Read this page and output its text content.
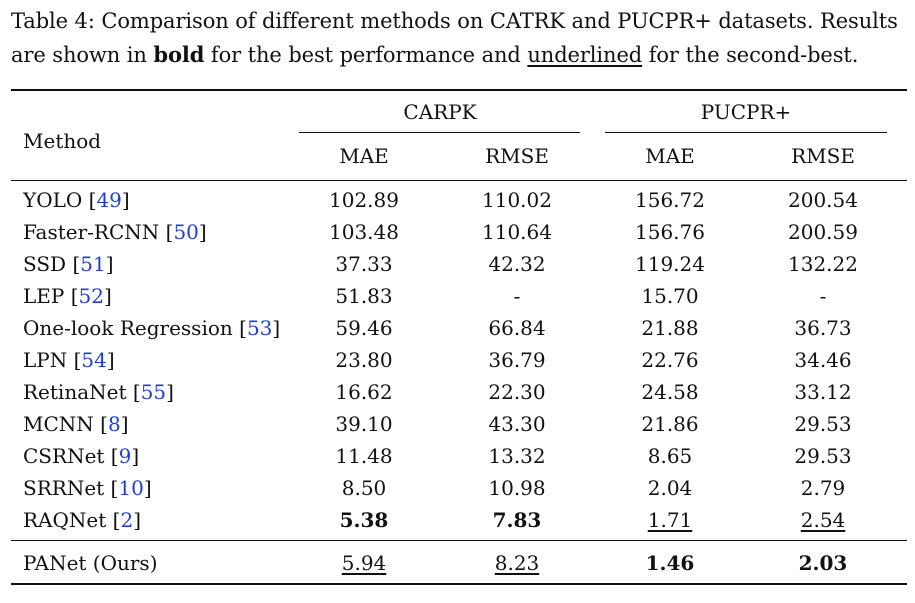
Table 4: Comparison of different methods on CATRK and PUCPR+ datasets. Results are shown in bold for the best performance and underlined for the second-best.
Method
CARPK	PUCPR+
MAE	RMSE	MAE	RMSE
YOLO [49]	102.89	110.02	156.72	200.54
Faster-RCNN [50]	103.48	110.64	156.76	200.59
SSD [51]	37.33	42.32	119.24	132.22
LEP [52]	51.83	-	15.70	-
One-look Regression [53]	59.46	66.84	21.88	36.73
LPN [54]	23.80	36.79	22.76	34.46
RetinaNet [55]	16.62	22.30	24.58	33.12
MCNN [8]	39.10	43.30	21.86	29.53
CSRNet [9]	11.48	13.32	8.65	29.53
SRRNet [10]	8.50	10.98	2.04	2.79
RAQNet [2]	5.38	7.83	1.71	2.54
PANet (Ours)	5.94	8.23	1.46	2.03
